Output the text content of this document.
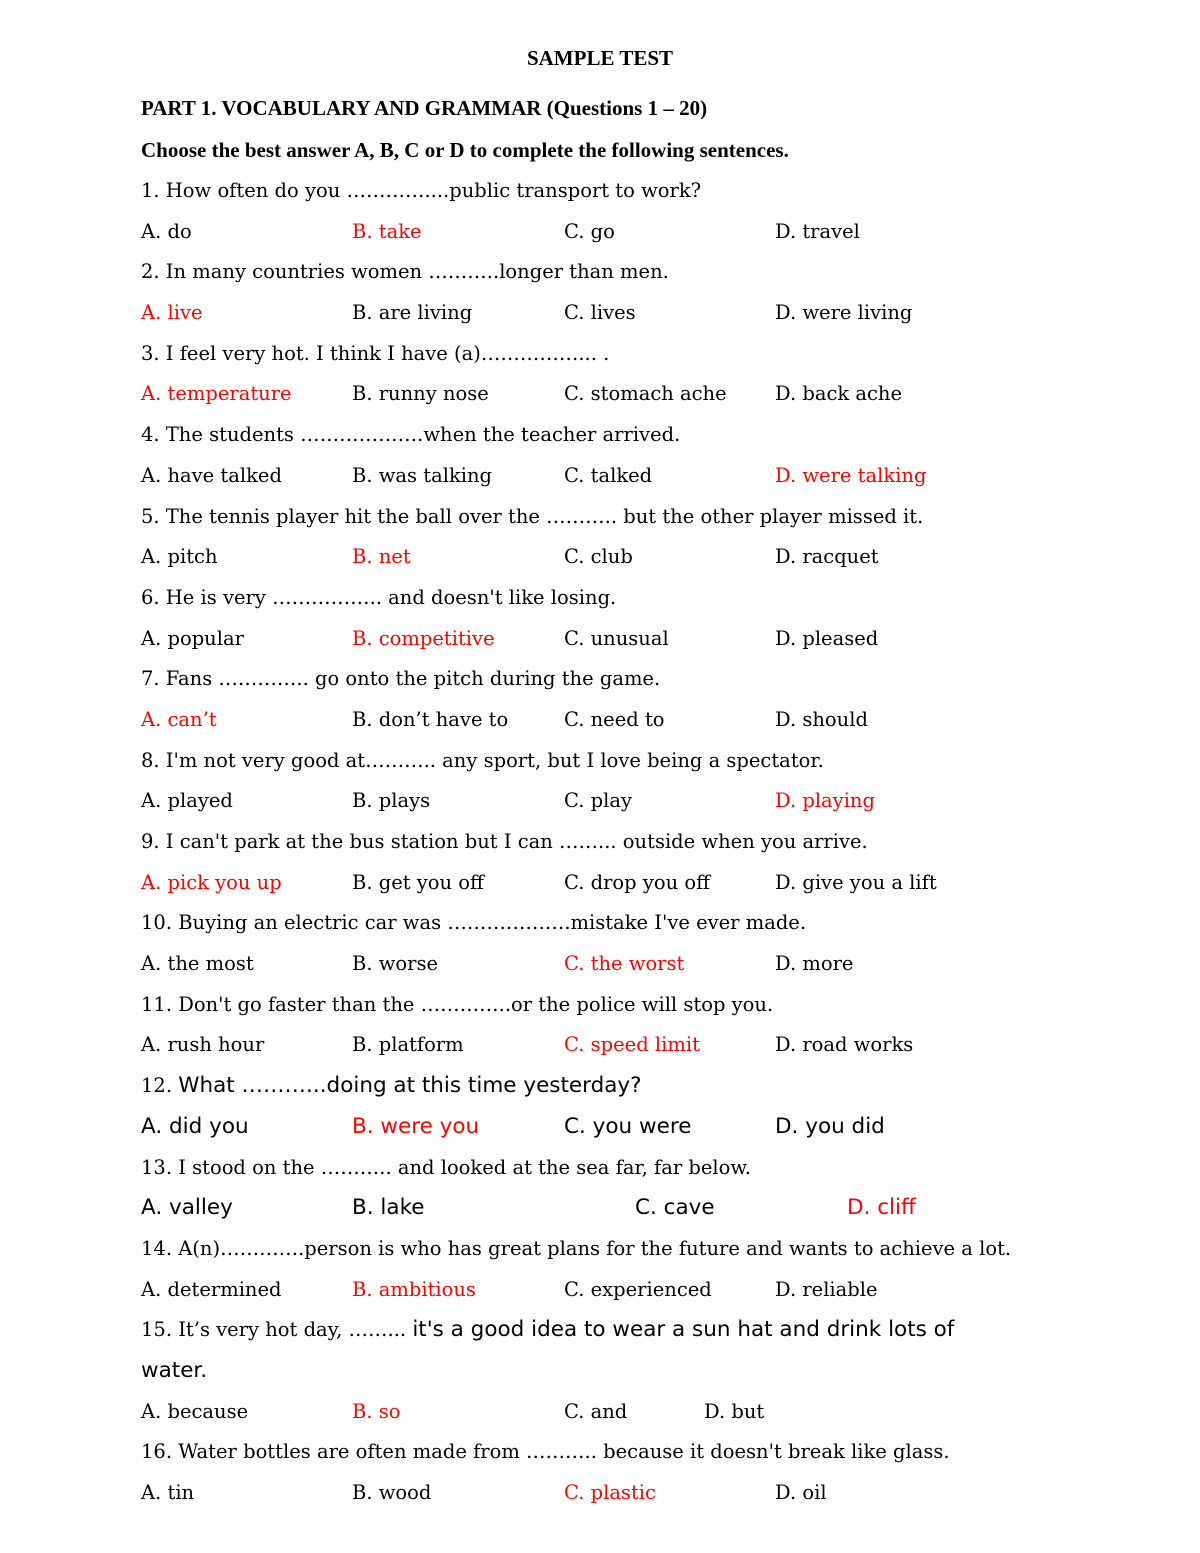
SAMPLE TEST
PART 1. VOCABULARY AND GRAMMAR (Questions 1 – 20)
Choose the best answer A, B, C or D to complete the following sentences.
1. How often do you …………....public transport to work?
A. do	B. take	C. go	D. travel
2. In many countries women ………..longer than men.
A. live	B. are living	C. lives	D. were living
3. I feel very hot. I think I have (a)……………... .
A. temperature	B. runny nose	C. stomach ache D. back ache
4. The students ……………….when the teacher arrived.
A. have talked	B. was talking	C. talked	D. were talking
5. The tennis player hit the ball over the ……….. but the other player missed it.
A. pitch	B. net	C. club	D. racquet
6. He is very …………….. and doesn't like losing.
A. popular	B. competitive	C. unusual	D. pleased
7. Fans ………….. go onto the pitch during the game.
A. can’t	B. don’t have to	C. need to	D. should
8. I'm not very good at……….. any sport, but I love being a spectator.
A. played	B. plays	C. play	D. playing
9. I can't park at the bus station but I can ……... outside when you arrive.
A. pick you up	B. get you off	C. drop you off	D. give you a lift
10. Buying an electric car was ……………….mistake I've ever made.
A. the most	B. worse	C. the worst	D. more
11. Don't go faster than the …………..or the police will stop you.
A. rush hour	B. platform	C. speed limit	D. road works
12. What ………...doing at this time yesterday?
A. did you	B. were you	C. you were	D. you did
13. I stood on the ……….. and looked at the sea far, far below.
A. valley	B. lake	C. cave	D. cliff
14. A(n)………….person is who has great plans for the future and wants to achieve a lot.
A. determined	B. ambitious	C. experienced	D. reliable
15. It’s very hot day, ……... it's a good idea to wear a sun hat and drink lots of
water.
A. because	B. so	C. and	D. but
16. Water bottles are often made from ……….. because it doesn't break like glass.
A. tin	B. wood	C. plastic	D. oil
